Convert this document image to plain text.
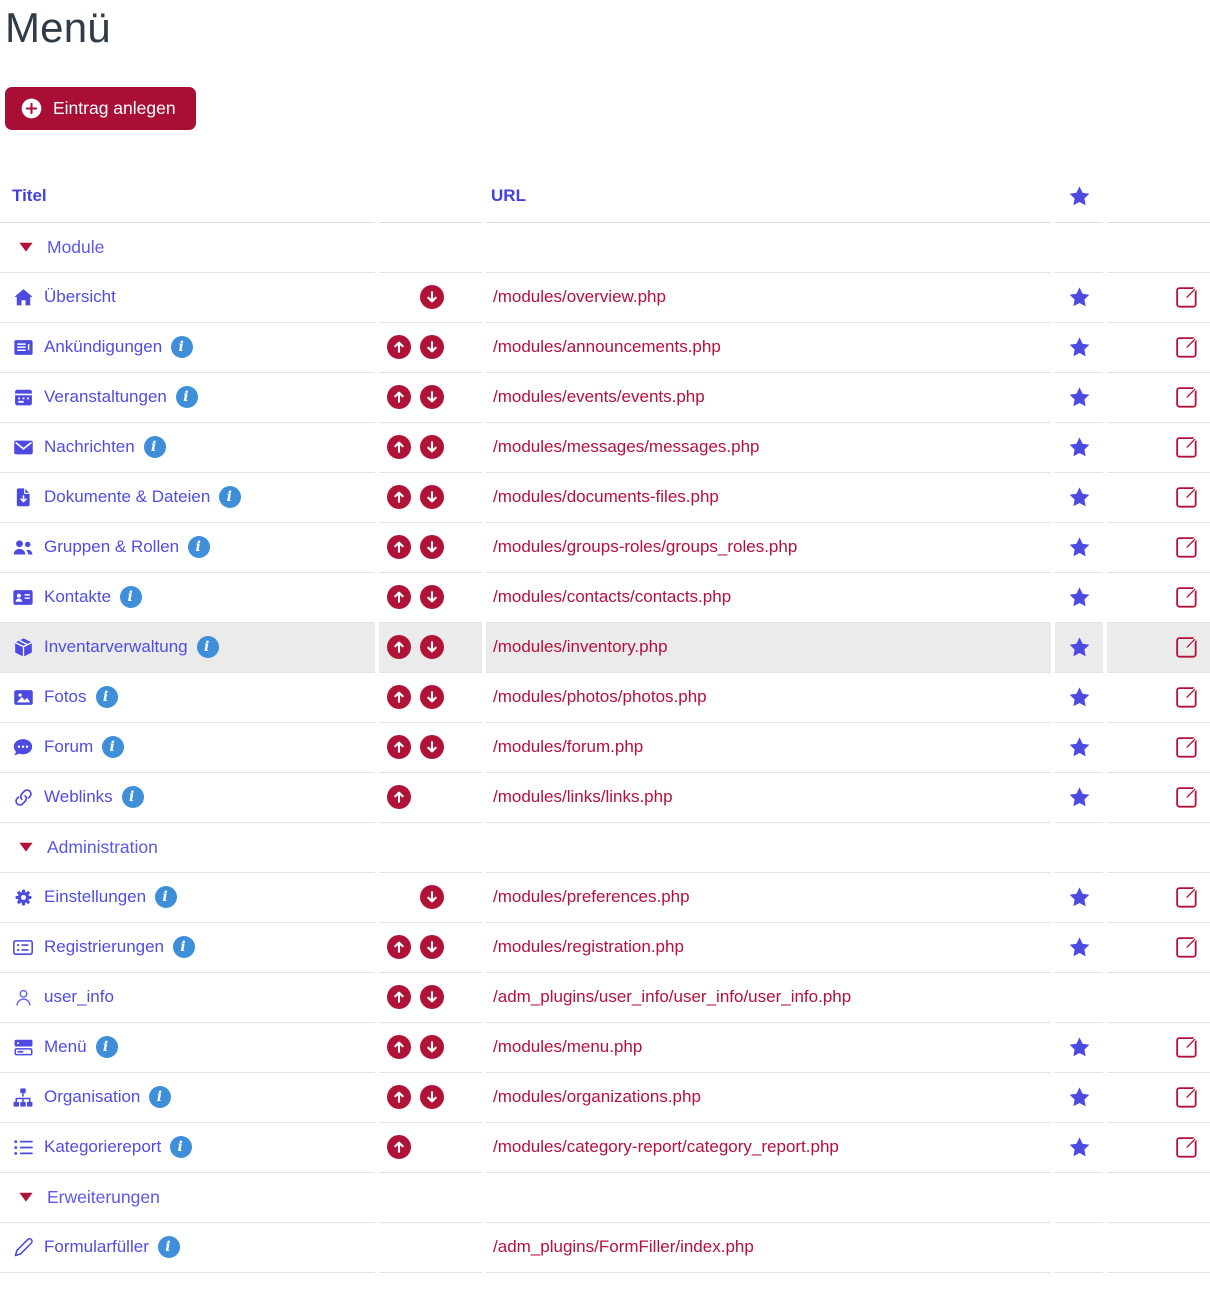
Menü
Eintrag anlegen
Titel		URL		

Module				

Übersicht		/modules/overview.php	

Ankündigungen i		/modules/announcements.php	

Veranstaltungen i		/modules/events/events.php	

Nachrichten i		/modules/messages/messages.php	

Dokumente & Dateien i		/modules/documents-files.php	

Gruppen & Rollen i		/modules/groups-roles/groups_roles.php	

Kontakte i		/modules/contacts/contacts.php	

Inventarverwaltung i		/modules/inventory.php	

Fotos i		/modules/photos/photos.php	

Forum i		/modules/forum.php	

Weblinks i		/modules/links/links.php	

Administration				

Einstellungen i		/modules/preferences.php	

Registrierungen i		/modules/registration.php	

user_info		/adm_plugins/user_info/user_info/user_info.php		

Menü i		/modules/menu.php	

Organisation i		/modules/organizations.php	

Kategoriereport i		/modules/category-report/category_report.php	

Erweiterungen				

Formularfüller i		/adm_plugins/FormFiller/index.php		
